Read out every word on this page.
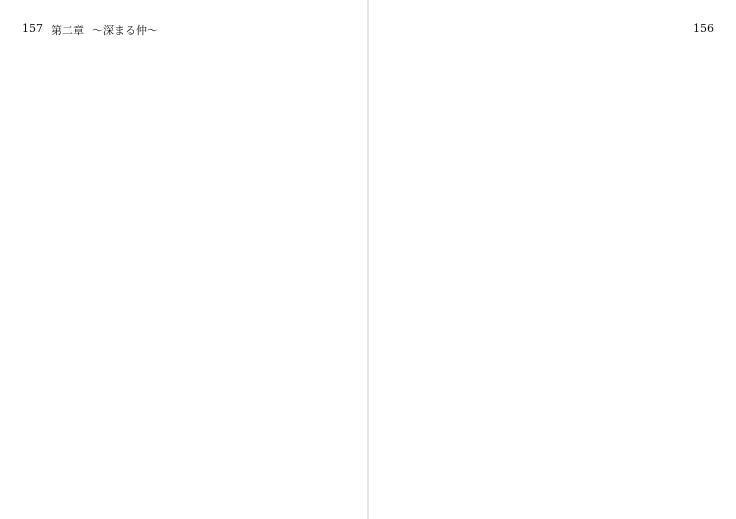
157 第二章 〜深まる仲〜	156
